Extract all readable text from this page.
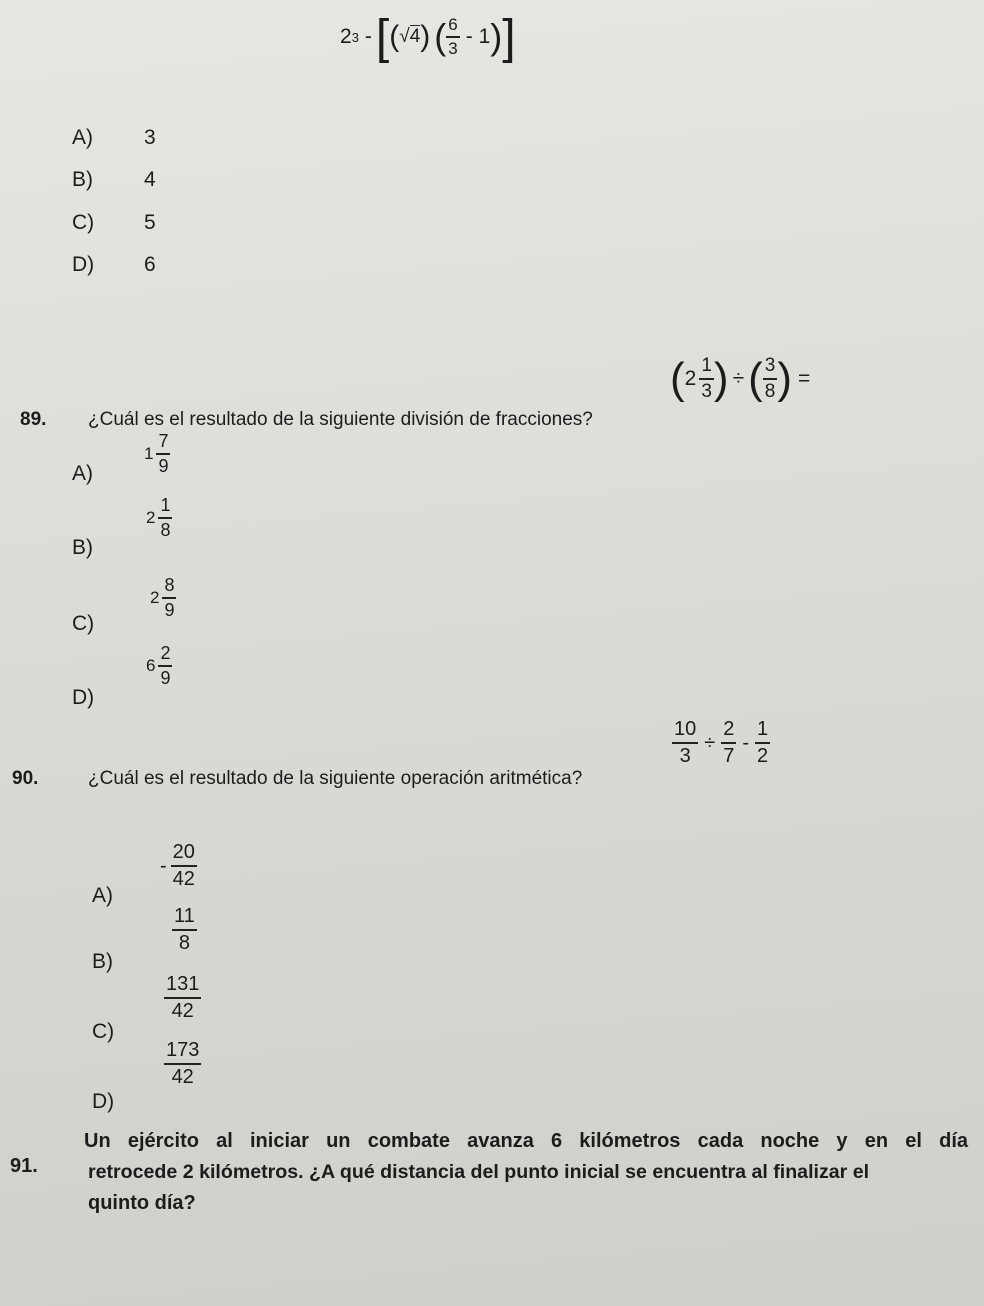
2 3 - [ ( √4 ) ( $\frac{6}{3} - 1$ ) ]
A) 3
B) 4
C) 5
D) 6
( $2 \frac{1}{3}$ ) ÷ ( $\frac{3}{8}$ ) =
89. ¿Cuál es el resultado de la siguiente división de fracciones?
A)
$1 \frac{7}{9}$
B)
$2 \frac{1}{8}$
C)
$2 \frac{8}{9}$
D)
$6 \frac{2}{9}$
$\frac{10}{3} \div \frac{2}{7} - \frac{1}{2}$
90.	¿Cuál es el resultado de la siguiente operación aritmética?
A)
- $\frac{20}{42}$
B)
$\frac{11}{8}$
C)
$\frac{131}{42}$
D)
$\frac{173}{42}$
91.
Un ejército al iniciar un combate avanza 6 kilómetros cada noche y en el día
retrocede 2 kilómetros. ¿A qué distancia del punto inicial se encuentra al finalizar el
quinto día?
